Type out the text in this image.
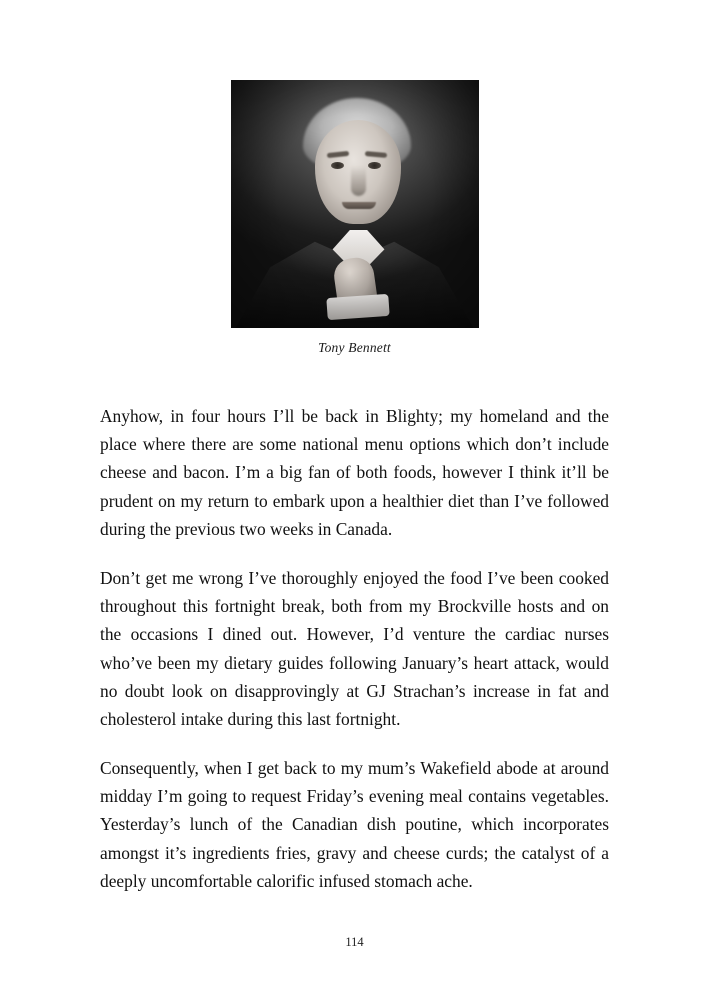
Tony Bennett

Anyhow, in four hours I’ll be back in Blighty; my homeland and the place where there are some national menu options which don’t include cheese and bacon. I’m a big fan of both foods, however I think it’ll be prudent on my return to embark upon a healthier diet than I’ve followed during the previous two weeks in Canada.

Don’t get me wrong I’ve thoroughly enjoyed the food I’ve been cooked throughout this fortnight break, both from my Brockville hosts and on the occasions I dined out. However, I’d venture the cardiac nurses who’ve been my dietary guides following January’s heart attack, would no doubt look on disapprovingly at GJ Strachan’s increase in fat and cholesterol intake during this last fortnight.

Consequently, when I get back to my mum’s Wakefield abode at around midday I’m going to request Friday’s evening meal contains vegetables. Yesterday’s lunch of the Canadian dish poutine, which incorporates amongst it’s ingredients fries, gravy and cheese curds; the catalyst of a deeply uncomfortable calorific infused stomach ache.

114
